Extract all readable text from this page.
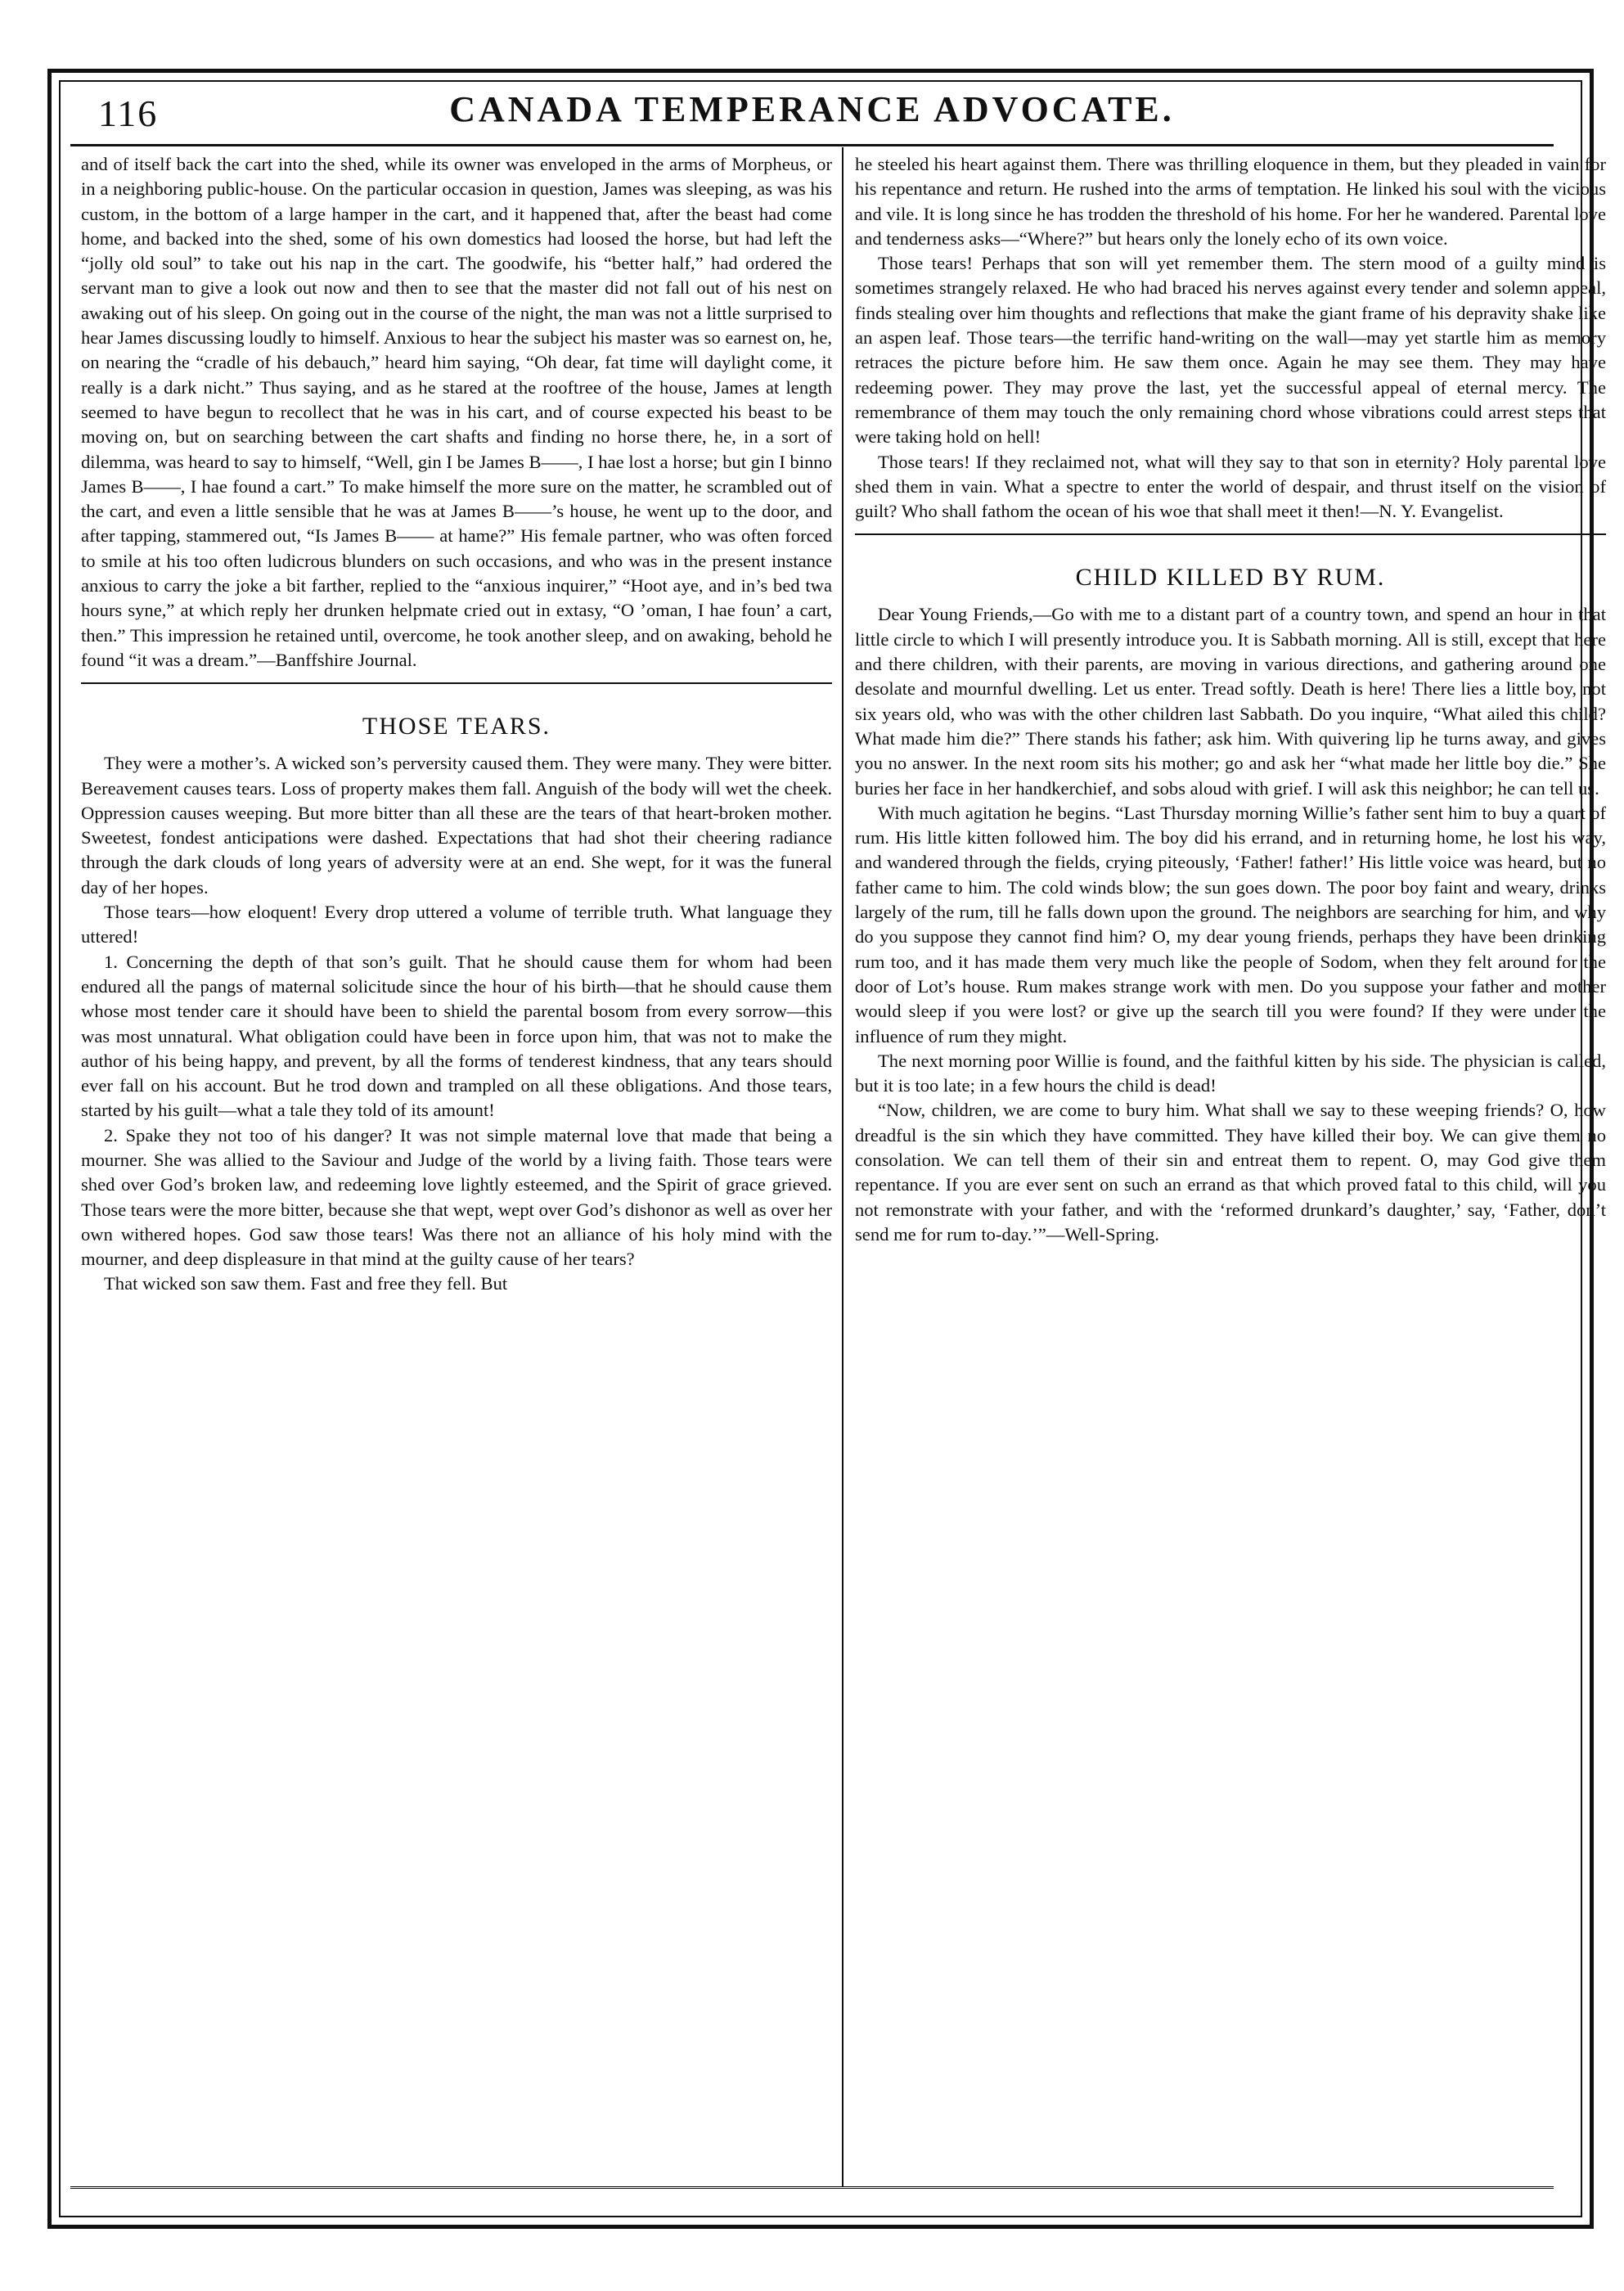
116	CANADA TEMPERANCE ADVOCATE.

and of itself back the cart into the shed, while its owner was enveloped in the arms of Morpheus, or in a neighboring public-house. On the particular occasion in question, James was sleeping, as was his custom, in the bottom of a large hamper in the cart, and it happened that, after the beast had come home, and backed into the shed, some of his own domestics had loosed the horse, but had left the “jolly old soul” to take out his nap in the cart. The goodwife, his “better half,” had ordered the servant man to give a look out now and then to see that the master did not fall out of his nest on awaking out of his sleep. On going out in the course of the night, the man was not a little surprised to hear James discussing loudly to himself. Anxious to hear the subject his master was so earnest on, he, on nearing the “cradle of his debauch,” heard him saying, “Oh dear, fat time will daylight come, it really is a dark nicht.” Thus saying, and as he stared at the rooftree of the house, James at length seemed to have begun to recollect that he was in his cart, and of course expected his beast to be moving on, but on searching between the cart shafts and finding no horse there, he, in a sort of dilemma, was heard to say to himself, “Well, gin I be James B——, I hae lost a horse; but gin I binno James B——, I hae found a cart.” To make himself the more sure on the matter, he scrambled out of the cart, and even a little sensible that he was at James B——’s house, he went up to the door, and after tapping, stammered out, “Is James B—— at hame?” His female partner, who was often forced to smile at his too often ludicrous blunders on such occasions, and who was in the present instance anxious to carry the joke a bit farther, replied to the “anxious inquirer,” “Hoot aye, and in’s bed twa hours syne,” at which reply her drunken helpmate cried out in extasy, “O ’oman, I hae foun’ a cart, then.” This impression he retained until, overcome, he took another sleep, and on awaking, behold he found “it was a dream.”—Banffshire Journal.

THOSE TEARS.

They were a mother’s. A wicked son’s perversity caused them. They were many. They were bitter. Bereavement causes tears. Loss of property makes them fall. Anguish of the body will wet the cheek. Oppression causes weeping. But more bitter than all these are the tears of that heart-broken mother. Sweetest, fondest anticipations were dashed. Expectations that had shot their cheering radiance through the dark clouds of long years of adversity were at an end. She wept, for it was the funeral day of her hopes.

Those tears—how eloquent! Every drop uttered a volume of terrible truth. What language they uttered!

1. Concerning the depth of that son’s guilt. That he should cause them for whom had been endured all the pangs of maternal solicitude since the hour of his birth—that he should cause them whose most tender care it should have been to shield the parental bosom from every sorrow—this was most unnatural. What obligation could have been in force upon him, that was not to make the author of his being happy, and prevent, by all the forms of tenderest kindness, that any tears should ever fall on his account. But he trod down and trampled on all these obligations. And those tears, started by his guilt—what a tale they told of its amount!

2. Spake they not too of his danger? It was not simple maternal love that made that being a mourner. She was allied to the Saviour and Judge of the world by a living faith. Those tears were shed over God’s broken law, and redeeming love lightly esteemed, and the Spirit of grace grieved. Those tears were the more bitter, because she that wept, wept over God’s dishonor as well as over her own withered hopes. God saw those tears! Was there not an alliance of his holy mind with the mourner, and deep displeasure in that mind at the guilty cause of her tears?

That wicked son saw them. Fast and free they fell. But

he steeled his heart against them. There was thrilling eloquence in them, but they pleaded in vain for his repentance and return. He rushed into the arms of temptation. He linked his soul with the vicious and vile. It is long since he has trodden the threshold of his home. For her he wandered. Parental love and tenderness asks—“Where?” but hears only the lonely echo of its own voice.

Those tears! Perhaps that son will yet remember them. The stern mood of a guilty mind is sometimes strangely relaxed. He who had braced his nerves against every tender and solemn appeal, finds stealing over him thoughts and reflections that make the giant frame of his depravity shake like an aspen leaf. Those tears—the terrific hand-writing on the wall—may yet startle him as memory retraces the picture before him. He saw them once. Again he may see them. They may have redeeming power. They may prove the last, yet the successful appeal of eternal mercy. The remembrance of them may touch the only remaining chord whose vibrations could arrest steps that were taking hold on hell!

Those tears! If they reclaimed not, what will they say to that son in eternity? Holy parental love shed them in vain. What a spectre to enter the world of despair, and thrust itself on the vision of guilt? Who shall fathom the ocean of his woe that shall meet it then!—N. Y. Evangelist.

CHILD KILLED BY RUM.

Dear Young Friends,—Go with me to a distant part of a country town, and spend an hour in that little circle to which I will presently introduce you. It is Sabbath morning. All is still, except that here and there children, with their parents, are moving in various directions, and gathering around one desolate and mournful dwelling. Let us enter. Tread softly. Death is here! There lies a little boy, not six years old, who was with the other children last Sabbath. Do you inquire, “What ailed this child? What made him die?” There stands his father; ask him. With quivering lip he turns away, and gives you no answer. In the next room sits his mother; go and ask her “what made her little boy die.” She buries her face in her handkerchief, and sobs aloud with grief. I will ask this neighbor; he can tell us.

With much agitation he begins. “Last Thursday morning Willie’s father sent him to buy a quart of rum. His little kitten followed him. The boy did his errand, and in returning home, he lost his way, and wandered through the fields, crying piteously, ‘Father! father!’ His little voice was heard, but no father came to him. The cold winds blow; the sun goes down. The poor boy faint and weary, drinks largely of the rum, till he falls down upon the ground. The neighbors are searching for him, and why do you suppose they cannot find him? O, my dear young friends, perhaps they have been drinking rum too, and it has made them very much like the people of Sodom, when they felt around for the door of Lot’s house. Rum makes strange work with men. Do you suppose your father and mother would sleep if you were lost? or give up the search till you were found? If they were under the influence of rum they might.

The next morning poor Willie is found, and the faithful kitten by his side. The physician is called, but it is too late; in a few hours the child is dead!

“Now, children, we are come to bury him. What shall we say to these weeping friends? O, how dreadful is the sin which they have committed. They have killed their boy. We can give them no consolation. We can tell them of their sin and entreat them to repent. O, may God give them repentance. If you are ever sent on such an errand as that which proved fatal to this child, will you not remonstrate with your father, and with the ‘reformed drunkard’s daughter,’ say, ‘Father, don’t send me for rum to-day.’”—Well-Spring.
